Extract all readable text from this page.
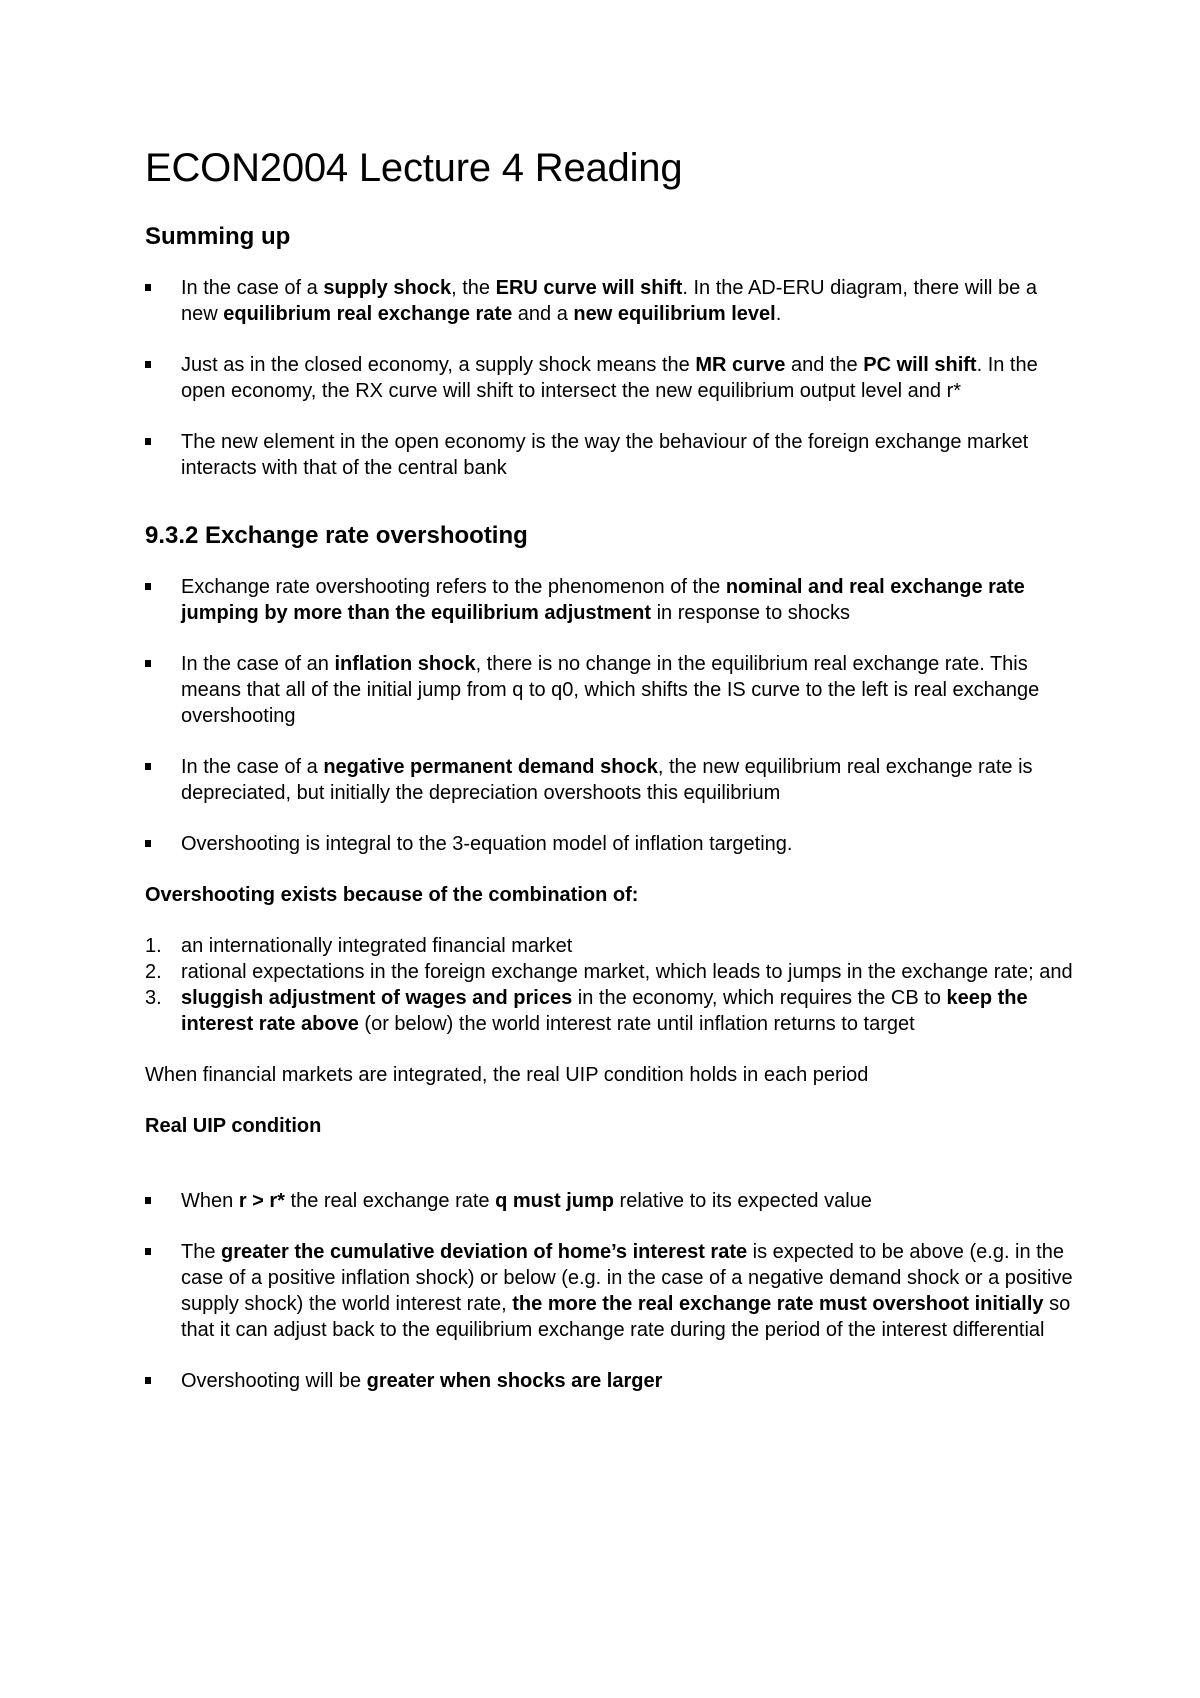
ECON2004 Lecture 4 Reading
Summing up
In the case of a supply shock, the ERU curve will shift. In the AD-ERU diagram, there will be a new equilibrium real exchange rate and a new equilibrium level.
Just as in the closed economy, a supply shock means the MR curve and the PC will shift. In the open economy, the RX curve will shift to intersect the new equilibrium output level and r*
The new element in the open economy is the way the behaviour of the foreign exchange market interacts with that of the central bank
9.3.2 Exchange rate overshooting
Exchange rate overshooting refers to the phenomenon of the nominal and real exchange rate jumping by more than the equilibrium adjustment in response to shocks
In the case of an inflation shock, there is no change in the equilibrium real exchange rate. This means that all of the initial jump from q to q0, which shifts the IS curve to the left is real exchange overshooting
In the case of a negative permanent demand shock, the new equilibrium real exchange rate is depreciated, but initially the depreciation overshoots this equilibrium
Overshooting is integral to the 3-equation model of inflation targeting.

Overshooting exists because of the combination of:

1. an internationally integrated financial market
2. rational expectations in the foreign exchange market, which leads to jumps in the exchange rate; and
3. sluggish adjustment of wages and prices in the economy, which requires the CB to keep the interest rate above (or below) the world interest rate until inflation returns to target

When financial markets are integrated, the real UIP condition holds in each period

Real UIP condition

When r > r* the real exchange rate q must jump relative to its expected value
The greater the cumulative deviation of home’s interest rate is expected to be above (e.g. in the case of a positive inflation shock) or below (e.g. in the case of a negative demand shock or a positive supply shock) the world interest rate, the more the real exchange rate must overshoot initially so that it can adjust back to the equilibrium exchange rate during the period of the interest differential
Overshooting will be greater when shocks are larger
